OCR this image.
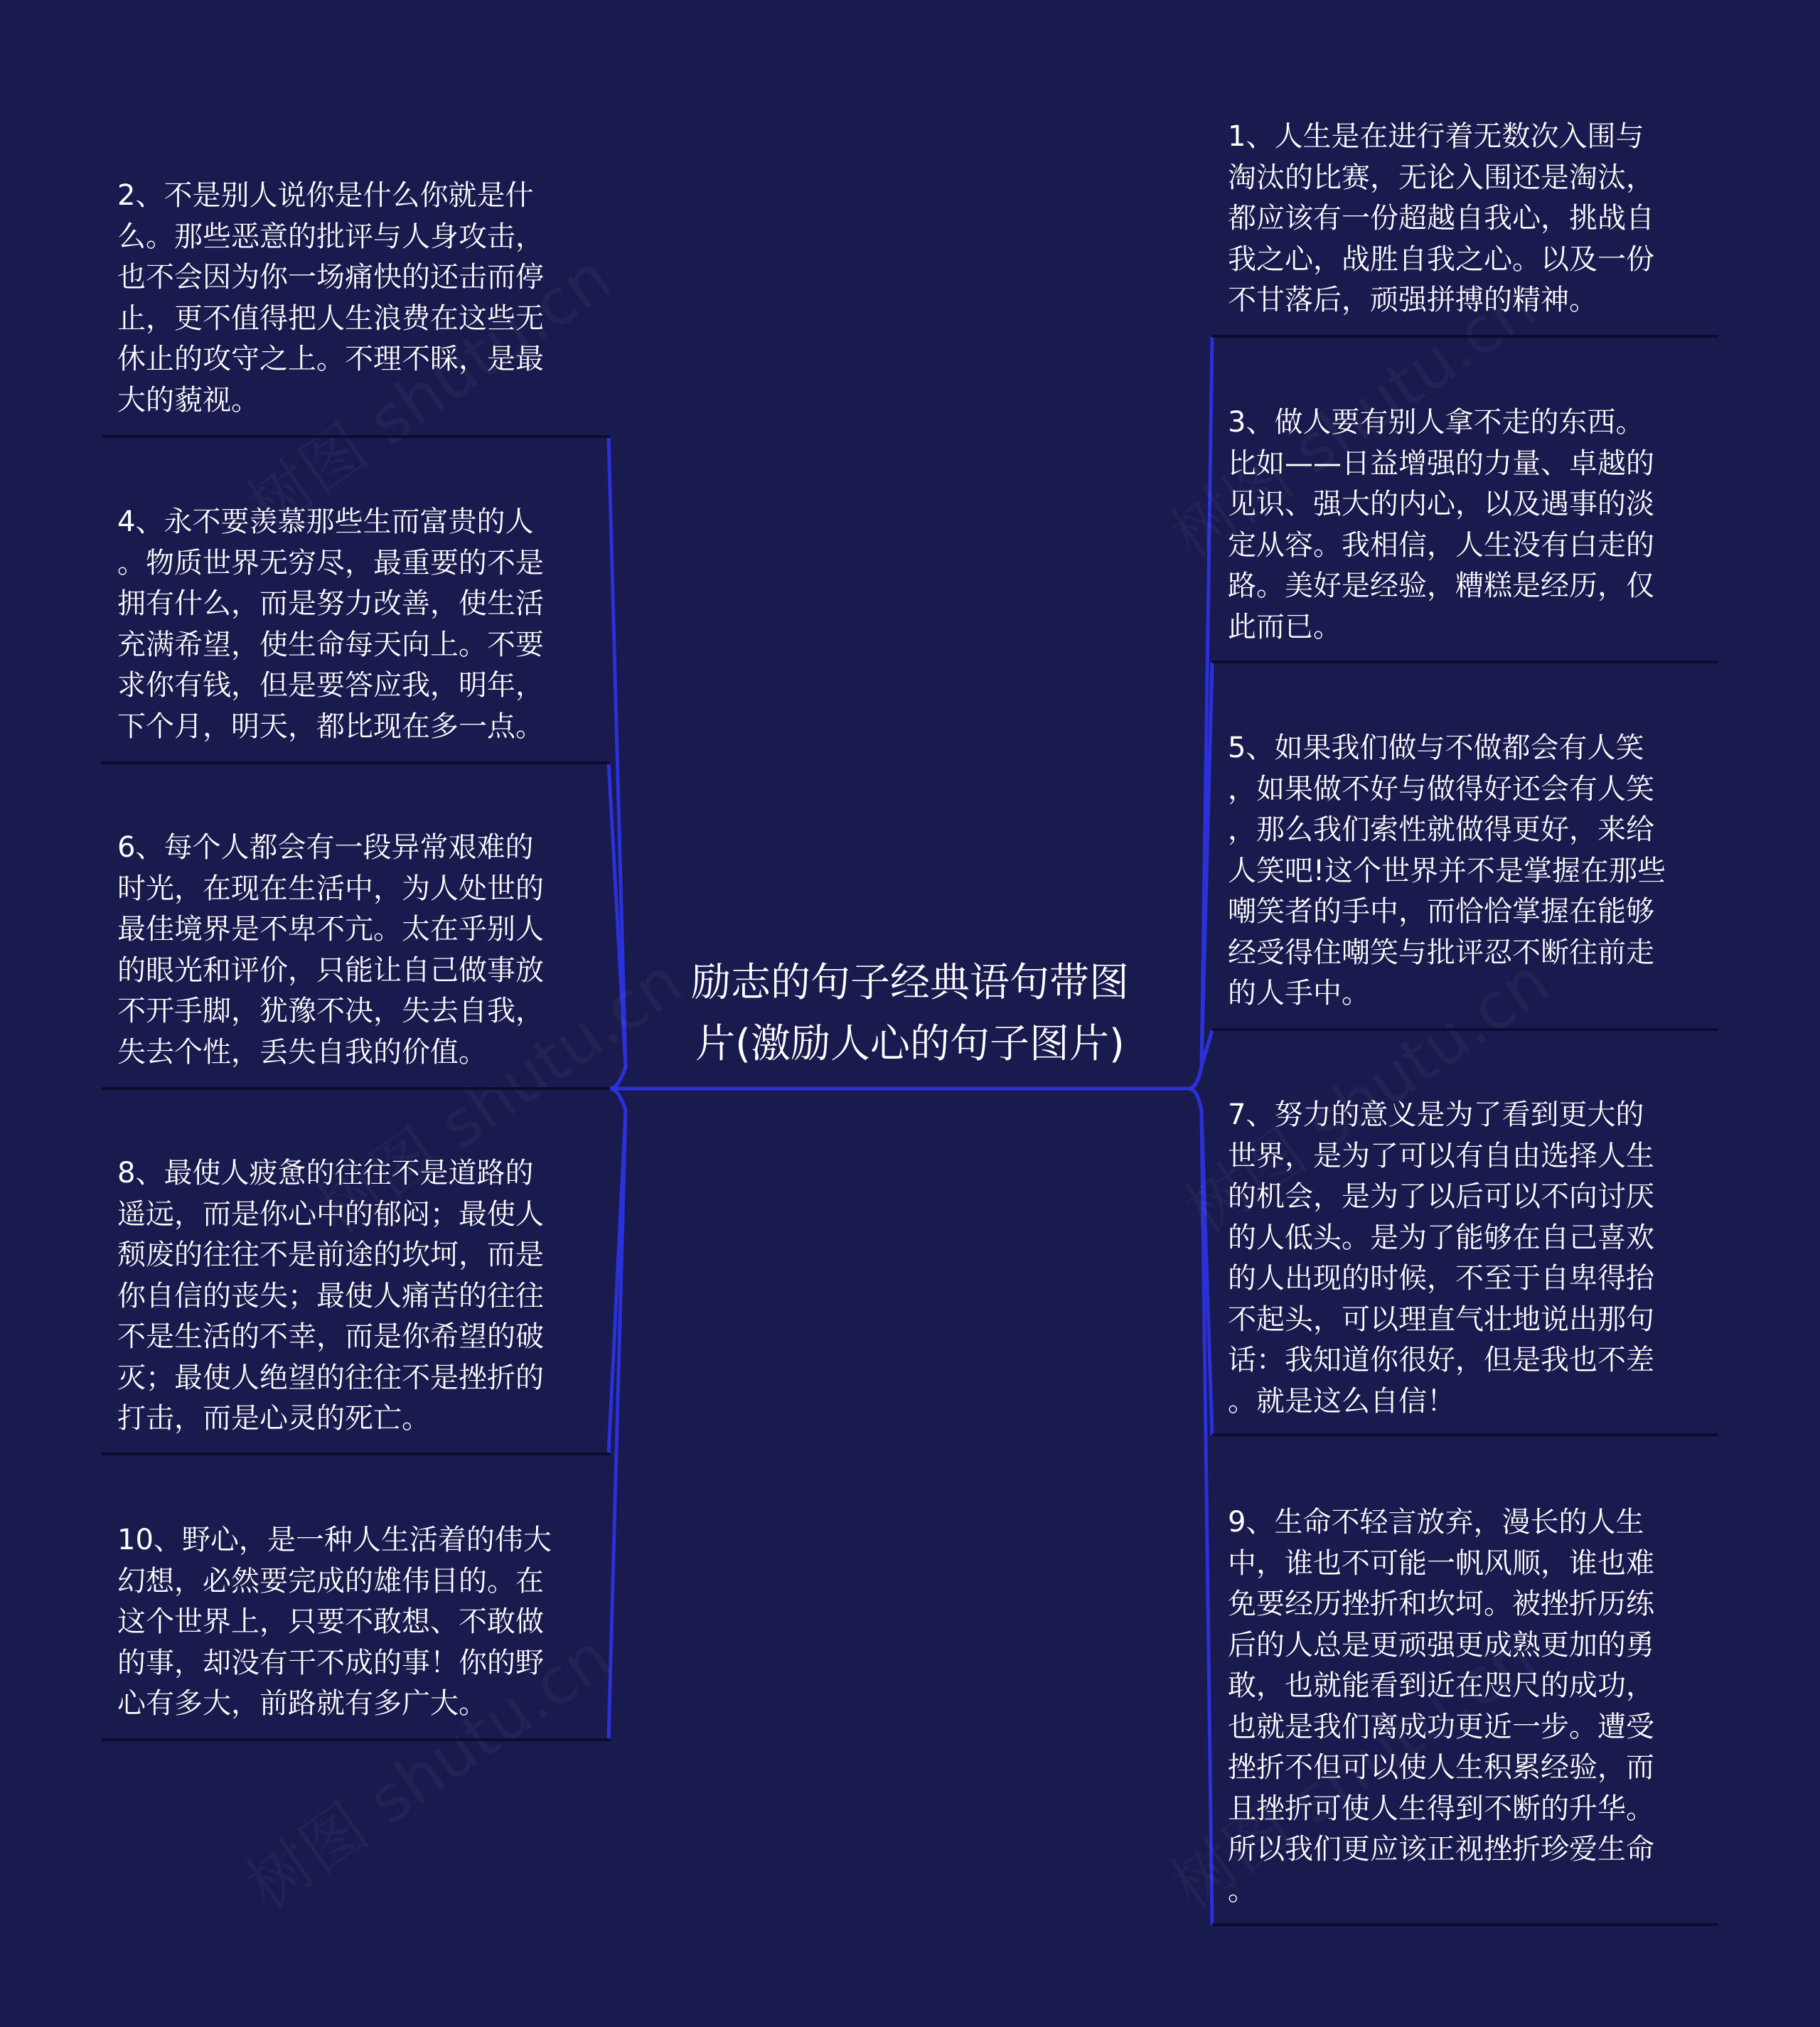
励志的句子经典语句带图
片(激励人心的句子图片)
2、不是别人说你是什么你就是什
么。那些恶意的批评与人身攻击，
也不会因为你一场痛快的还击而停
止，更不值得把人生浪费在这些无
休止的攻守之上。不理不睬，是最
大的藐视。
4、永不要羡慕那些生而富贵的人
。物质世界无穷尽，最重要的不是
拥有什么，而是努力改善，使生活
充满希望，使生命每天向上。不要
求你有钱，但是要答应我，明年，
下个月，明天，都比现在多一点。
6、每个人都会有一段异常艰难的
时光，在现在生活中，为人处世的
最佳境界是不卑不亢。太在乎别人
的眼光和评价，只能让自己做事放
不开手脚，犹豫不决，失去自我，
失去个性，丢失自我的价值。
8、最使人疲惫的往往不是道路的
遥远，而是你心中的郁闷；最使人
颓废的往往不是前途的坎坷，而是
你自信的丧失；最使人痛苦的往往
不是生活的不幸，而是你希望的破
灭；最使人绝望的往往不是挫折的
打击，而是心灵的死亡。
10、野心，是一种人生活着的伟大
幻想，必然要完成的雄伟目的。在
这个世界上，只要不敢想、不敢做
的事，却没有干不成的事！你的野
心有多大，前路就有多广大。
1、人生是在进行着无数次入围与
淘汰的比赛，无论入围还是淘汰，
都应该有一份超越自我心，挑战自
我之心，战胜自我之心。以及一份
不甘落后，顽强拼搏的精神。
3、做人要有别人拿不走的东西。
比如——日益增强的力量、卓越的
见识、强大的内心，以及遇事的淡
定从容。我相信，人生没有白走的
路。美好是经验，糟糕是经历，仅
此而已。
5、如果我们做与不做都会有人笑
，如果做不好与做得好还会有人笑
，那么我们索性就做得更好，来给
人笑吧!这个世界并不是掌握在那些
嘲笑者的手中，而恰恰掌握在能够
经受得住嘲笑与批评忍不断往前走
的人手中。
7、努力的意义是为了看到更大的
世界，是为了可以有自由选择人生
的机会，是为了以后可以不向讨厌
的人低头。是为了能够在自己喜欢
的人出现的时候，不至于自卑得抬
不起头，可以理直气壮地说出那句
话：我知道你很好，但是我也不差
。就是这么自信！
9、生命不轻言放弃，漫长的人生
中，谁也不可能一帆风顺，谁也难
免要经历挫折和坎坷。被挫折历练
后的人总是更顽强更成熟更加的勇
敢，也就能看到近在咫尺的成功，
也就是我们离成功更近一步。遭受
挫折不但可以使人生积累经验，而
且挫折可使人生得到不断的升华。
所以我们更应该正视挫折珍爱生命
。
